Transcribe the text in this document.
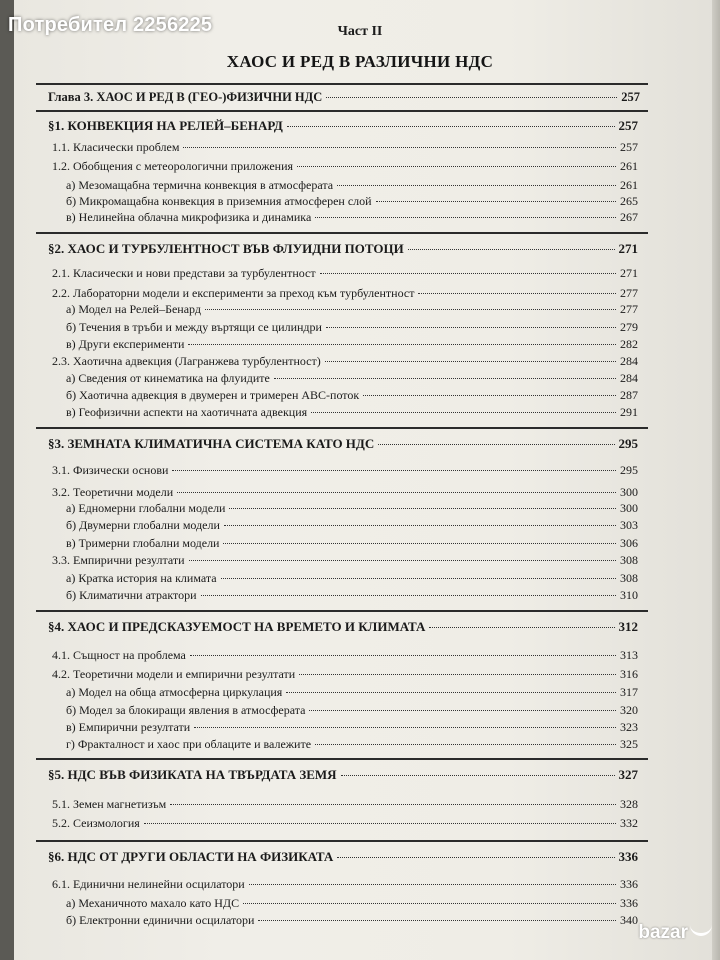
Потребител 2256225	Част II
ХАОС И РЕД В РАЗЛИЧНИ НДС
Глава 3. ХАОС И РЕД В (ГЕО-)ФИЗИЧНИ НДС	257
§1. КОНВЕКЦИЯ НА РЕЛЕЙ–БЕНАРД	257
1.1. Класически проблем	257
1.2. Обобщения с метеорологични приложения	261
а) Мезомащабна термична конвекция в атмосферата	261
б) Микромащабна конвекция в приземния атмосферен слой	265
в) Нелинейна облачна микрофизика и динамика	267
§2. ХАОС И ТУРБУЛЕНТНОСТ ВЪВ ФЛУИДНИ ПОТОЦИ	271
2.1. Класически и нови представи за турбулентност	271
2.2. Лабораторни модели и експерименти за преход към турбулентност	277
а) Модел на Релей–Бенард	277
б) Течения в тръби и между въртящи се цилиндри	279
в) Други експерименти	282
2.3. Хаотична адвекция (Лагранжева турбулентност)	284
а) Сведения от кинематика на флуидите	284
б) Хаотична адвекция в двумерен и тримерен ABC-поток	287
в) Геофизични аспекти на хаотичната адвекция	291
§3. ЗЕМНАТА КЛИМАТИЧНА СИСТЕМА КАТО НДС	295
3.1. Физически основи	295
3.2. Теоретични модели	300
а) Едномерни глобални модели	300
б) Двумерни глобални модели	303
в) Тримерни глобални модели	306
3.3. Емпирични резултати	308
а) Кратка история на климата	308
б) Климатични атрактори	310
§4. ХАОС И ПРЕДСКАЗУЕМОСТ НА ВРЕМЕТО И КЛИМАТА	312
4.1. Същност на проблема	313
4.2. Теоретични модели и емпирични резултати	316
а) Модел на обща атмосферна циркулация	317
б) Модел за блокиращи явления в атмосферата	320
в) Емпирични резултати	323
г) Фракталност и хаос при облаците и валежите	325
§5. НДС ВЪВ ФИЗИКАТА НА ТВЪРДАТА ЗЕМЯ	327
5.1. Земен магнетизъм	328
5.2. Сеизмология	332
§6. НДС ОТ ДРУГИ ОБЛАСТИ НА ФИЗИКАТА	336
6.1. Единични нелинейни осцилатори	336
а) Механичното махало като НДС	336
б) Електронни единични осцилатори	340
bazar
